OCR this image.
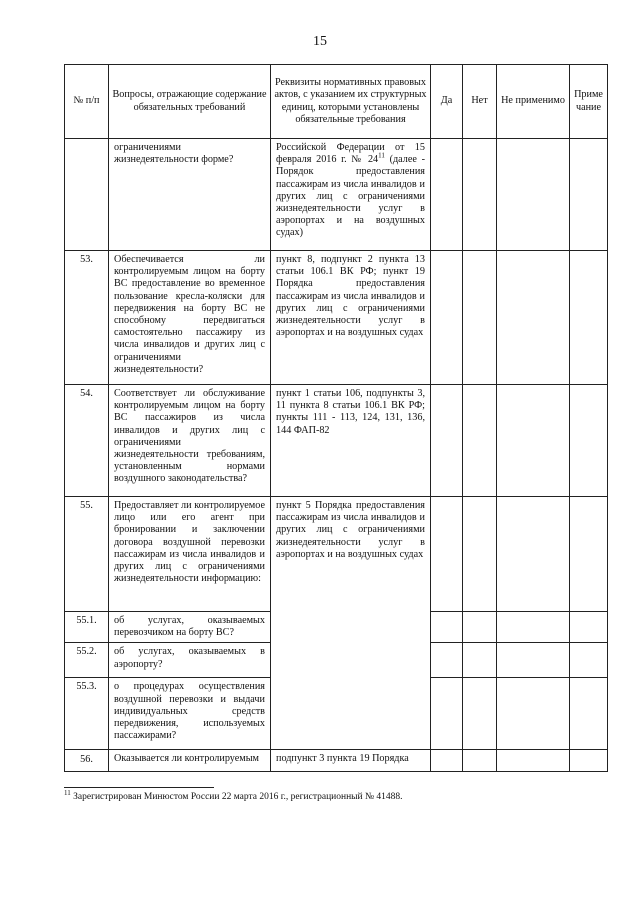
15
№ п/п	Вопросы, отражающие содержание обязательных требований	Реквизиты нормативных правовых актов, с указанием их структурных единиц, которыми установлены обязательные требования	Да	Нет	Не применимо	Примечание
	ограничениями жизнедеятельности форме?	Российской Федерации от 15 февраля 2016 г. № $24^{11}$ (далее - Порядок предоставления пассажирам из числа инвалидов и других лиц с ограничениями жизнедеятельности услуг в аэропортах и на воздушных судах)				
53.	Обеспечивается ли контролируемым лицом на борту ВС предоставление во временное пользование кресла-коляски для передвижения на борту ВС не способному передвигаться самостоятельно пассажиру из числа инвалидов и других лиц с ограничениями жизнедеятельности?	пункт 8, подпункт 2 пункта 13 статьи 106.1 ВК РФ; пункт 19 Порядка предоставления пассажирам из числа инвалидов и других лиц с ограничениями жизнедеятельности услуг в аэропортах и на воздушных судах				
54.	Соответствует ли обслуживание контролируемым лицом на борту ВС пассажиров из числа инвалидов и других лиц с ограничениями жизнедеятельности требованиям, установленным нормами воздушного законодательства?	пункт 1 статьи 106, подпункты 3, 11 пункта 8 статьи 106.1 ВК РФ; пункты 111 - 113, 124, 131, 136, 144 ФАП-82				
55.	Предоставляет ли контролируемое лицо или его агент при бронировании и заключении договора воздушной перевозки пассажирам из числа инвалидов и других лиц с ограничениями жизнедеятельности информацию:	пункт 5 Порядка предоставления пассажирам из числа инвалидов и других лиц с ограничениями жизнедеятельности услуг в аэропортах и на воздушных судах				
55.1.	об услугах, оказываемых перевозчиком на борту ВС?					
55.2.	об услугах, оказываемых в аэропорту?					
55.3.	о процедурах осуществления воздушной перевозки и выдачи индивидуальных средств передвижения, используемых пассажирами?					
56.	Оказывается ли контролируемым	подпункт 3 пункта 19 Порядка				
$^{11}$ Зарегистрирован Минюстом России 22 марта 2016 г., регистрационный № 41488.
